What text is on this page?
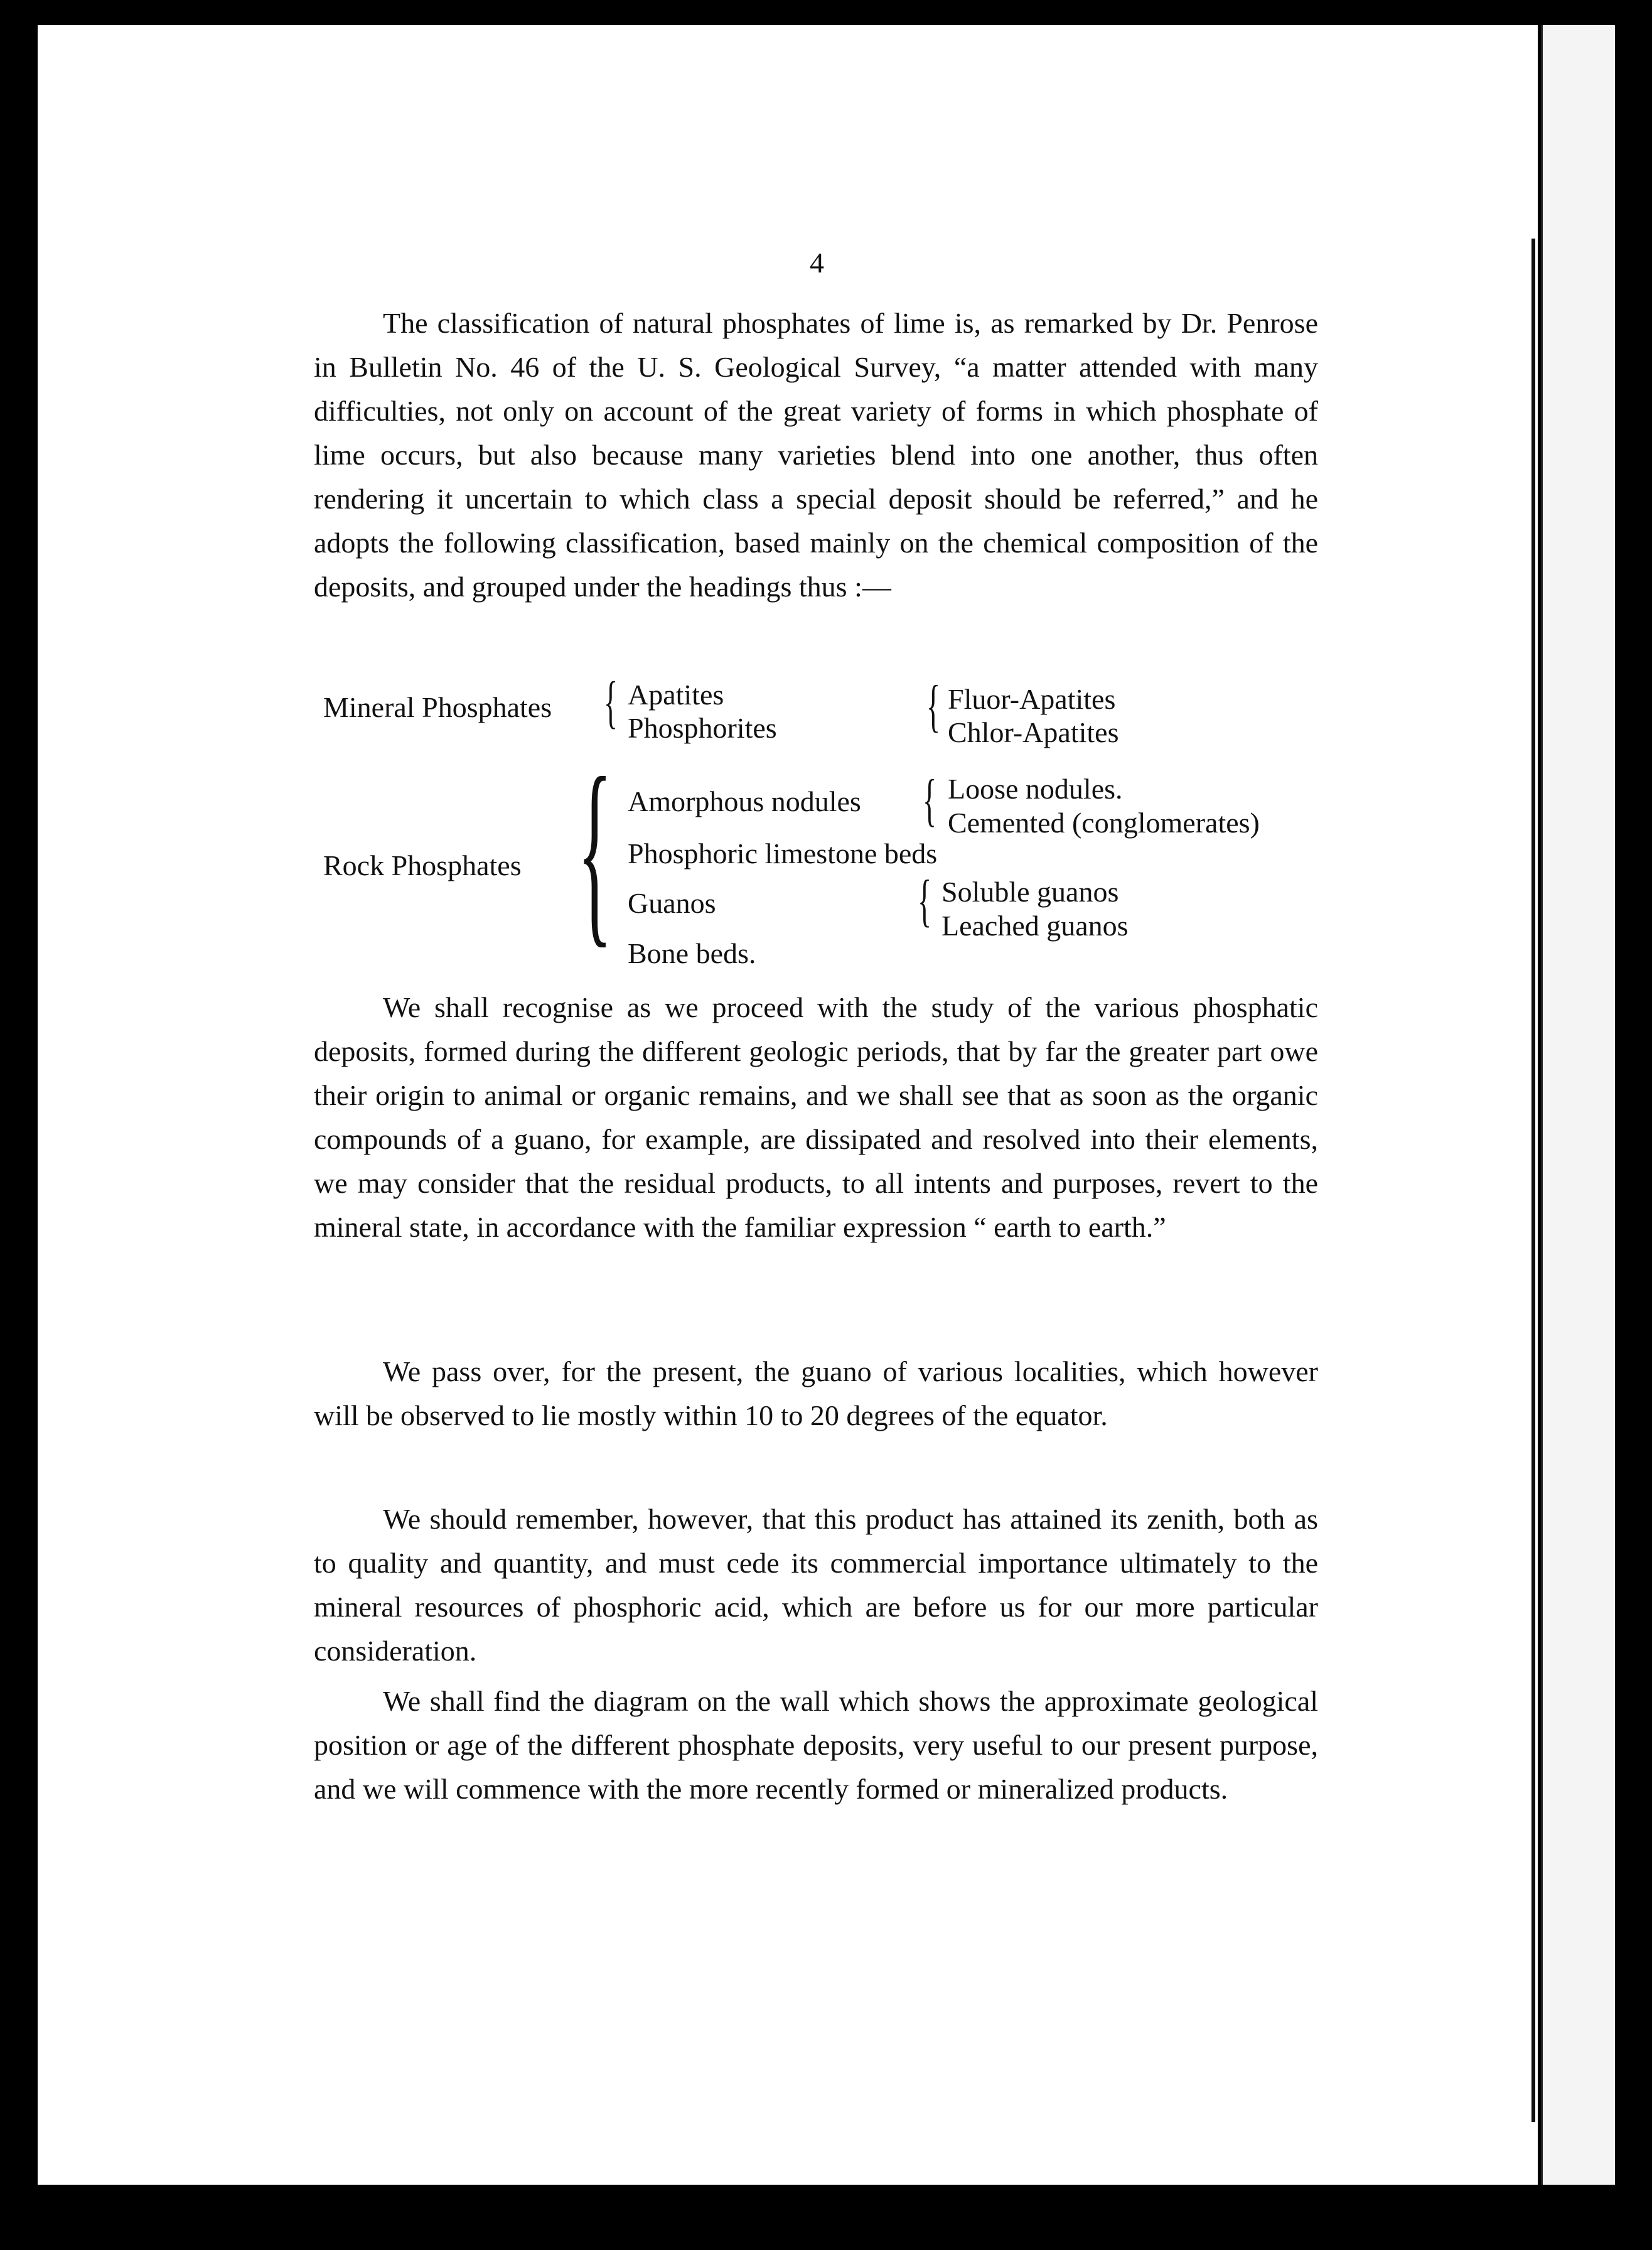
4

The classification of natural phosphates of lime is, as remarked by Dr. Penrose in Bulletin No. 46 of the U. S. Geological Survey, “a matter attended with many difficulties, not only on account of the great variety of forms in which phosphate of lime occurs, but also because many varieties blend into one another, thus often rendering it uncertain to which class a special deposit should be referred,” and he adopts the following classification, based mainly on the chemical composition of the deposits, and grouped under the headings thus :—

Mineral Phosphates { Apatites
Phosphorites	{ Fluor-Apatites
Chlor-Apatites
Rock Phosphates { Amorphous nodules { Loose nodules.
Cemented (conglomerates)
Phosphoric limestone beds
Guanos	{ Soluble guanos
Leached guanos
Bone beds.

We shall recognise as we proceed with the study of the various phosphatic deposits, formed during the different geologic periods, that by far the greater part owe their origin to animal or organic remains, and we shall see that as soon as the organic compounds of a guano, for example, are dissipated and resolved into their elements, we may consider that the residual products, to all intents and purposes, revert to the mineral state, in accordance with the familiar expression “ earth to earth.”

We pass over, for the present, the guano of various localities, which however will be observed to lie mostly within 10 to 20 degrees of the equator.

We should remember, however, that this product has attained its zenith, both as to quality and quantity, and must cede its commercial importance ultimately to the mineral resources of phosphoric acid, which are before us for our more particular consideration.

We shall find the diagram on the wall which shows the approximate geological position or age of the different phosphate deposits, very useful to our present purpose, and we will commence with the more recently formed or mineralized products.
